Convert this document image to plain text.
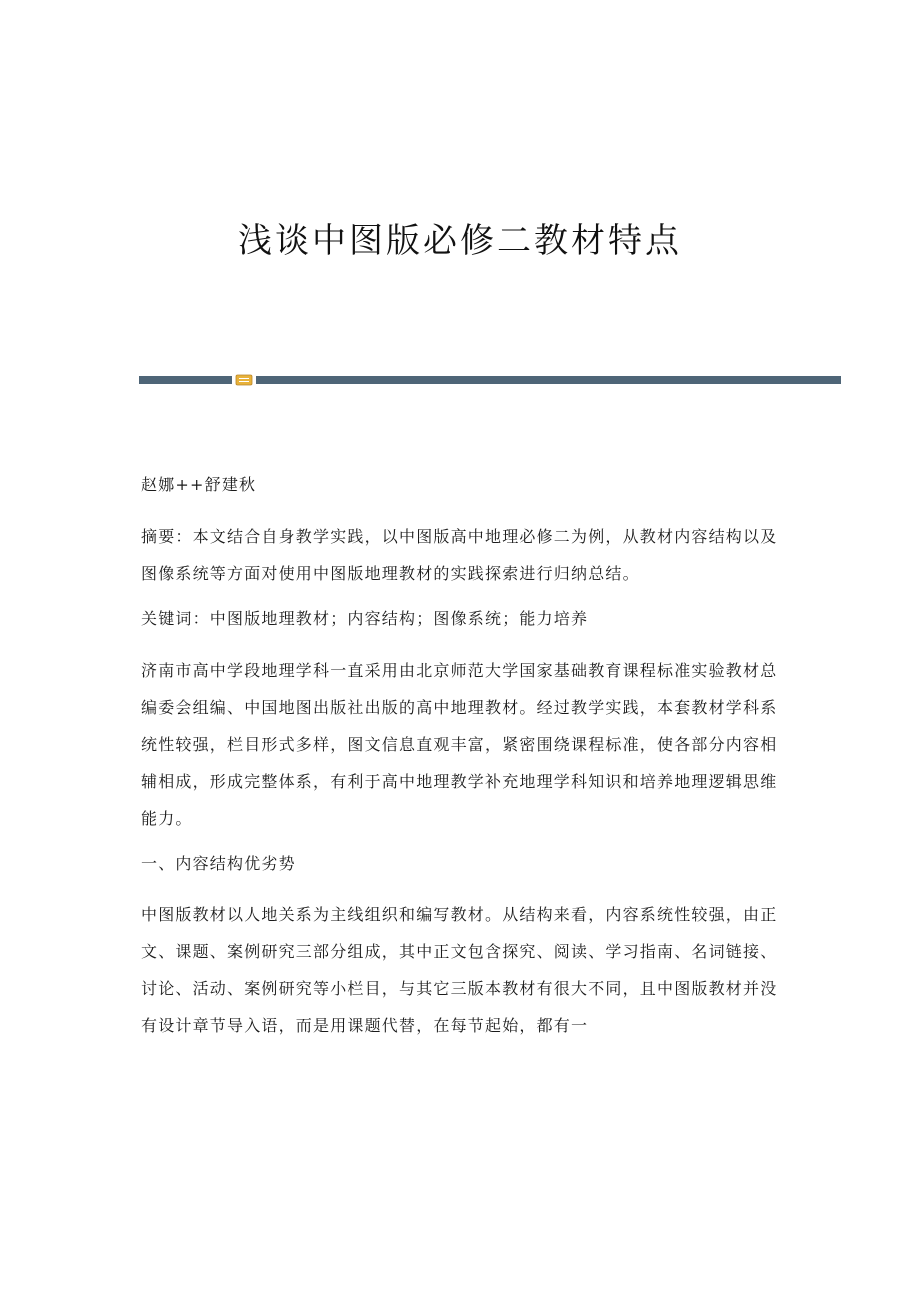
浅谈中图版必修二教材特点

赵娜++舒建秋

摘要：本文结合自身教学实践，以中图版高中地理必修二为例，从教材内容结构以及图像系统等方面对使用中图版地理教材的实践探索进行归纳总结。

关键词：中图版地理教材；内容结构；图像系统；能力培养

济南市高中学段地理学科一直采用由北京师范大学国家基础教育课程标准实验教材总编委会组编、中国地图出版社出版的高中地理教材。经过教学实践，本套教材学科系统性较强，栏目形式多样，图文信息直观丰富，紧密围绕课程标准，使各部分内容相辅相成，形成完整体系，有利于高中地理教学补充地理学科知识和培养地理逻辑思维能力。

一、内容结构优劣势

中图版教材以人地关系为主线组织和编写教材。从结构来看，内容系统性较强，由正文、课题、案例研究三部分组成，其中正文包含探究、阅读、学习指南、名词链接、讨论、活动、案例研究等小栏目，与其它三版本教材有很大不同，且中图版教材并没有设计章节导入语，而是用课题代替，在每节起始，都有一
